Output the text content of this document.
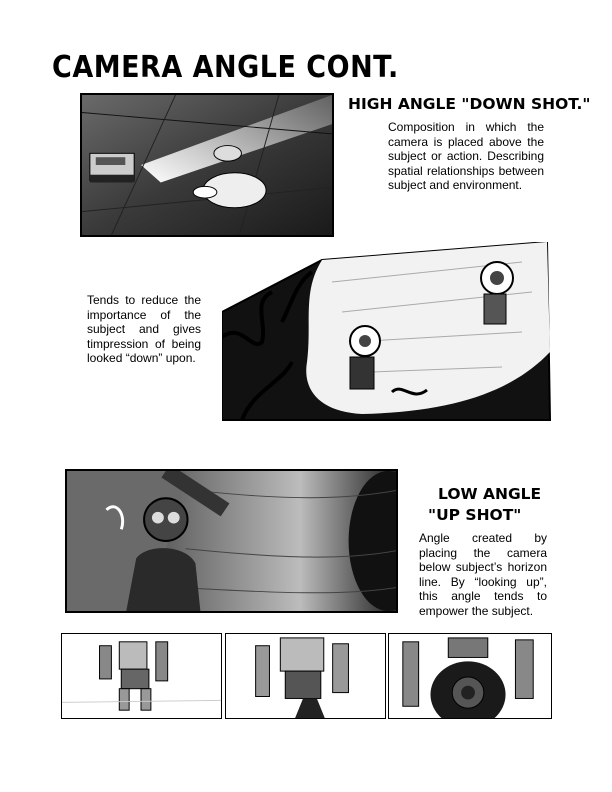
CAMERA ANGLE CONT.
HIGH ANGLE "DOWN SHOT."
Composition in which the camera is placed above the subject or action. Describing spatial relationships between subject and environment.
Tends to reduce the importance of the subject and gives timpression of being looked “down” upon.
LOW ANGLE
"UP SHOT"
Angle created by placing the camera below subject’s horizon line. By “looking up”, this angle tends to empower the subject.
